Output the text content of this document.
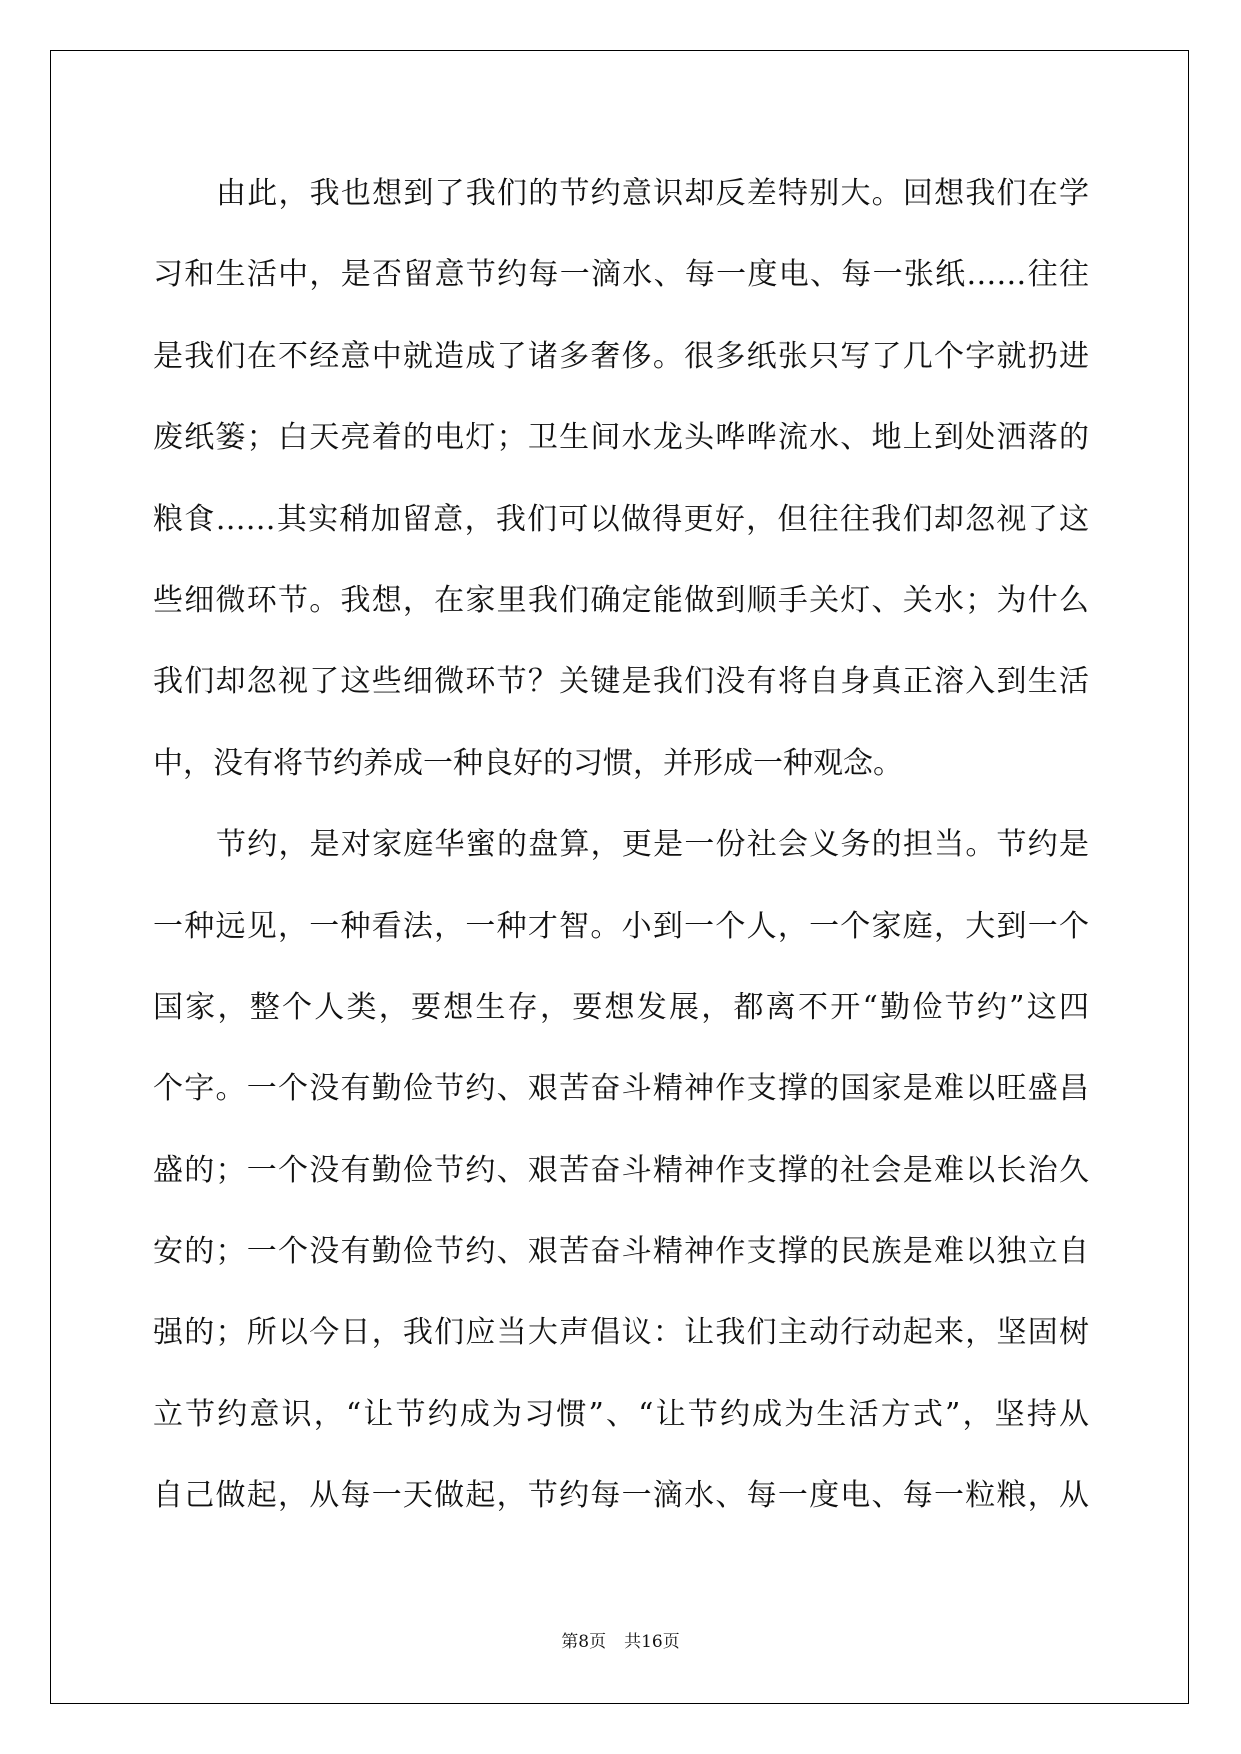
由此，我也想到了我们的节约意识却反差特别大。回想我们在学
习和生活中，是否留意节约每一滴水、每一度电、每一张纸……往往
是我们在不经意中就造成了诸多奢侈。很多纸张只写了几个字就扔进
废纸篓；白天亮着的电灯；卫生间水龙头哗哗流水、地上到处洒落的
粮食……其实稍加留意，我们可以做得更好，但往往我们却忽视了这
些细微环节。我想，在家里我们确定能做到顺手关灯、关水；为什么
我们却忽视了这些细微环节？关键是我们没有将自身真正溶入到生活
中，没有将节约养成一种良好的习惯，并形成一种观念。
节约，是对家庭华蜜的盘算，更是一份社会义务的担当。节约是
一种远见，一种看法，一种才智。小到一个人，一个家庭，大到一个
国家，整个人类，要想生存，要想发展，都离不开“勤俭节约”这四
个字。一个没有勤俭节约、艰苦奋斗精神作支撑的国家是难以旺盛昌
盛的；一个没有勤俭节约、艰苦奋斗精神作支撑的社会是难以长治久
安的；一个没有勤俭节约、艰苦奋斗精神作支撑的民族是难以独立自
强的；所以今日，我们应当大声倡议：让我们主动行动起来，坚固树
立节约意识，“让节约成为习惯”、“让节约成为生活方式”，坚持从
自己做起，从每一天做起，节约每一滴水、每一度电、每一粒粮，从
第8页 共16页
